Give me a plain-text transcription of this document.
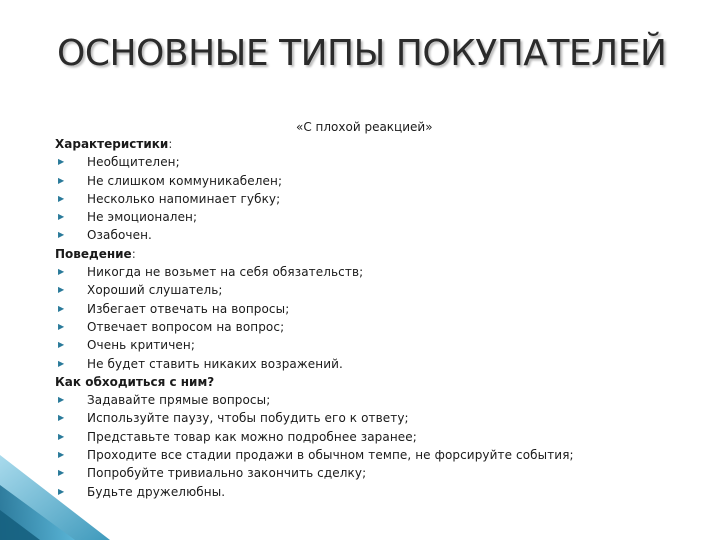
ОСНОВНЫЕ ТИПЫ ПОКУПАТЕЛЕЙ
«С плохой реакцией»
Характеристики:
▶ Необщителен;
▶ Не слишком коммуникабелен;
▶ Несколько напоминает губку;
▶ Не эмоционален;
▶ Озабочен.
Поведение:
▶ Никогда не возьмет на себя обязательств;
▶ Хороший слушатель;
▶ Избегает отвечать на вопросы;
▶ Отвечает вопросом на вопрос;
▶ Очень критичен;
▶ Не будет ставить никаких возражений.
Как обходиться с ним?
▶ Задавайте прямые вопросы;
▶ Используйте паузу, чтобы побудить его к ответу;
▶ Представьте товар как можно подробнее заранее;
▶ Проходите все стадии продажи в обычном темпе, не форсируйте события;
▶ Попробуйте тривиально закончить сделку;
▶ Будьте дружелюбны.
